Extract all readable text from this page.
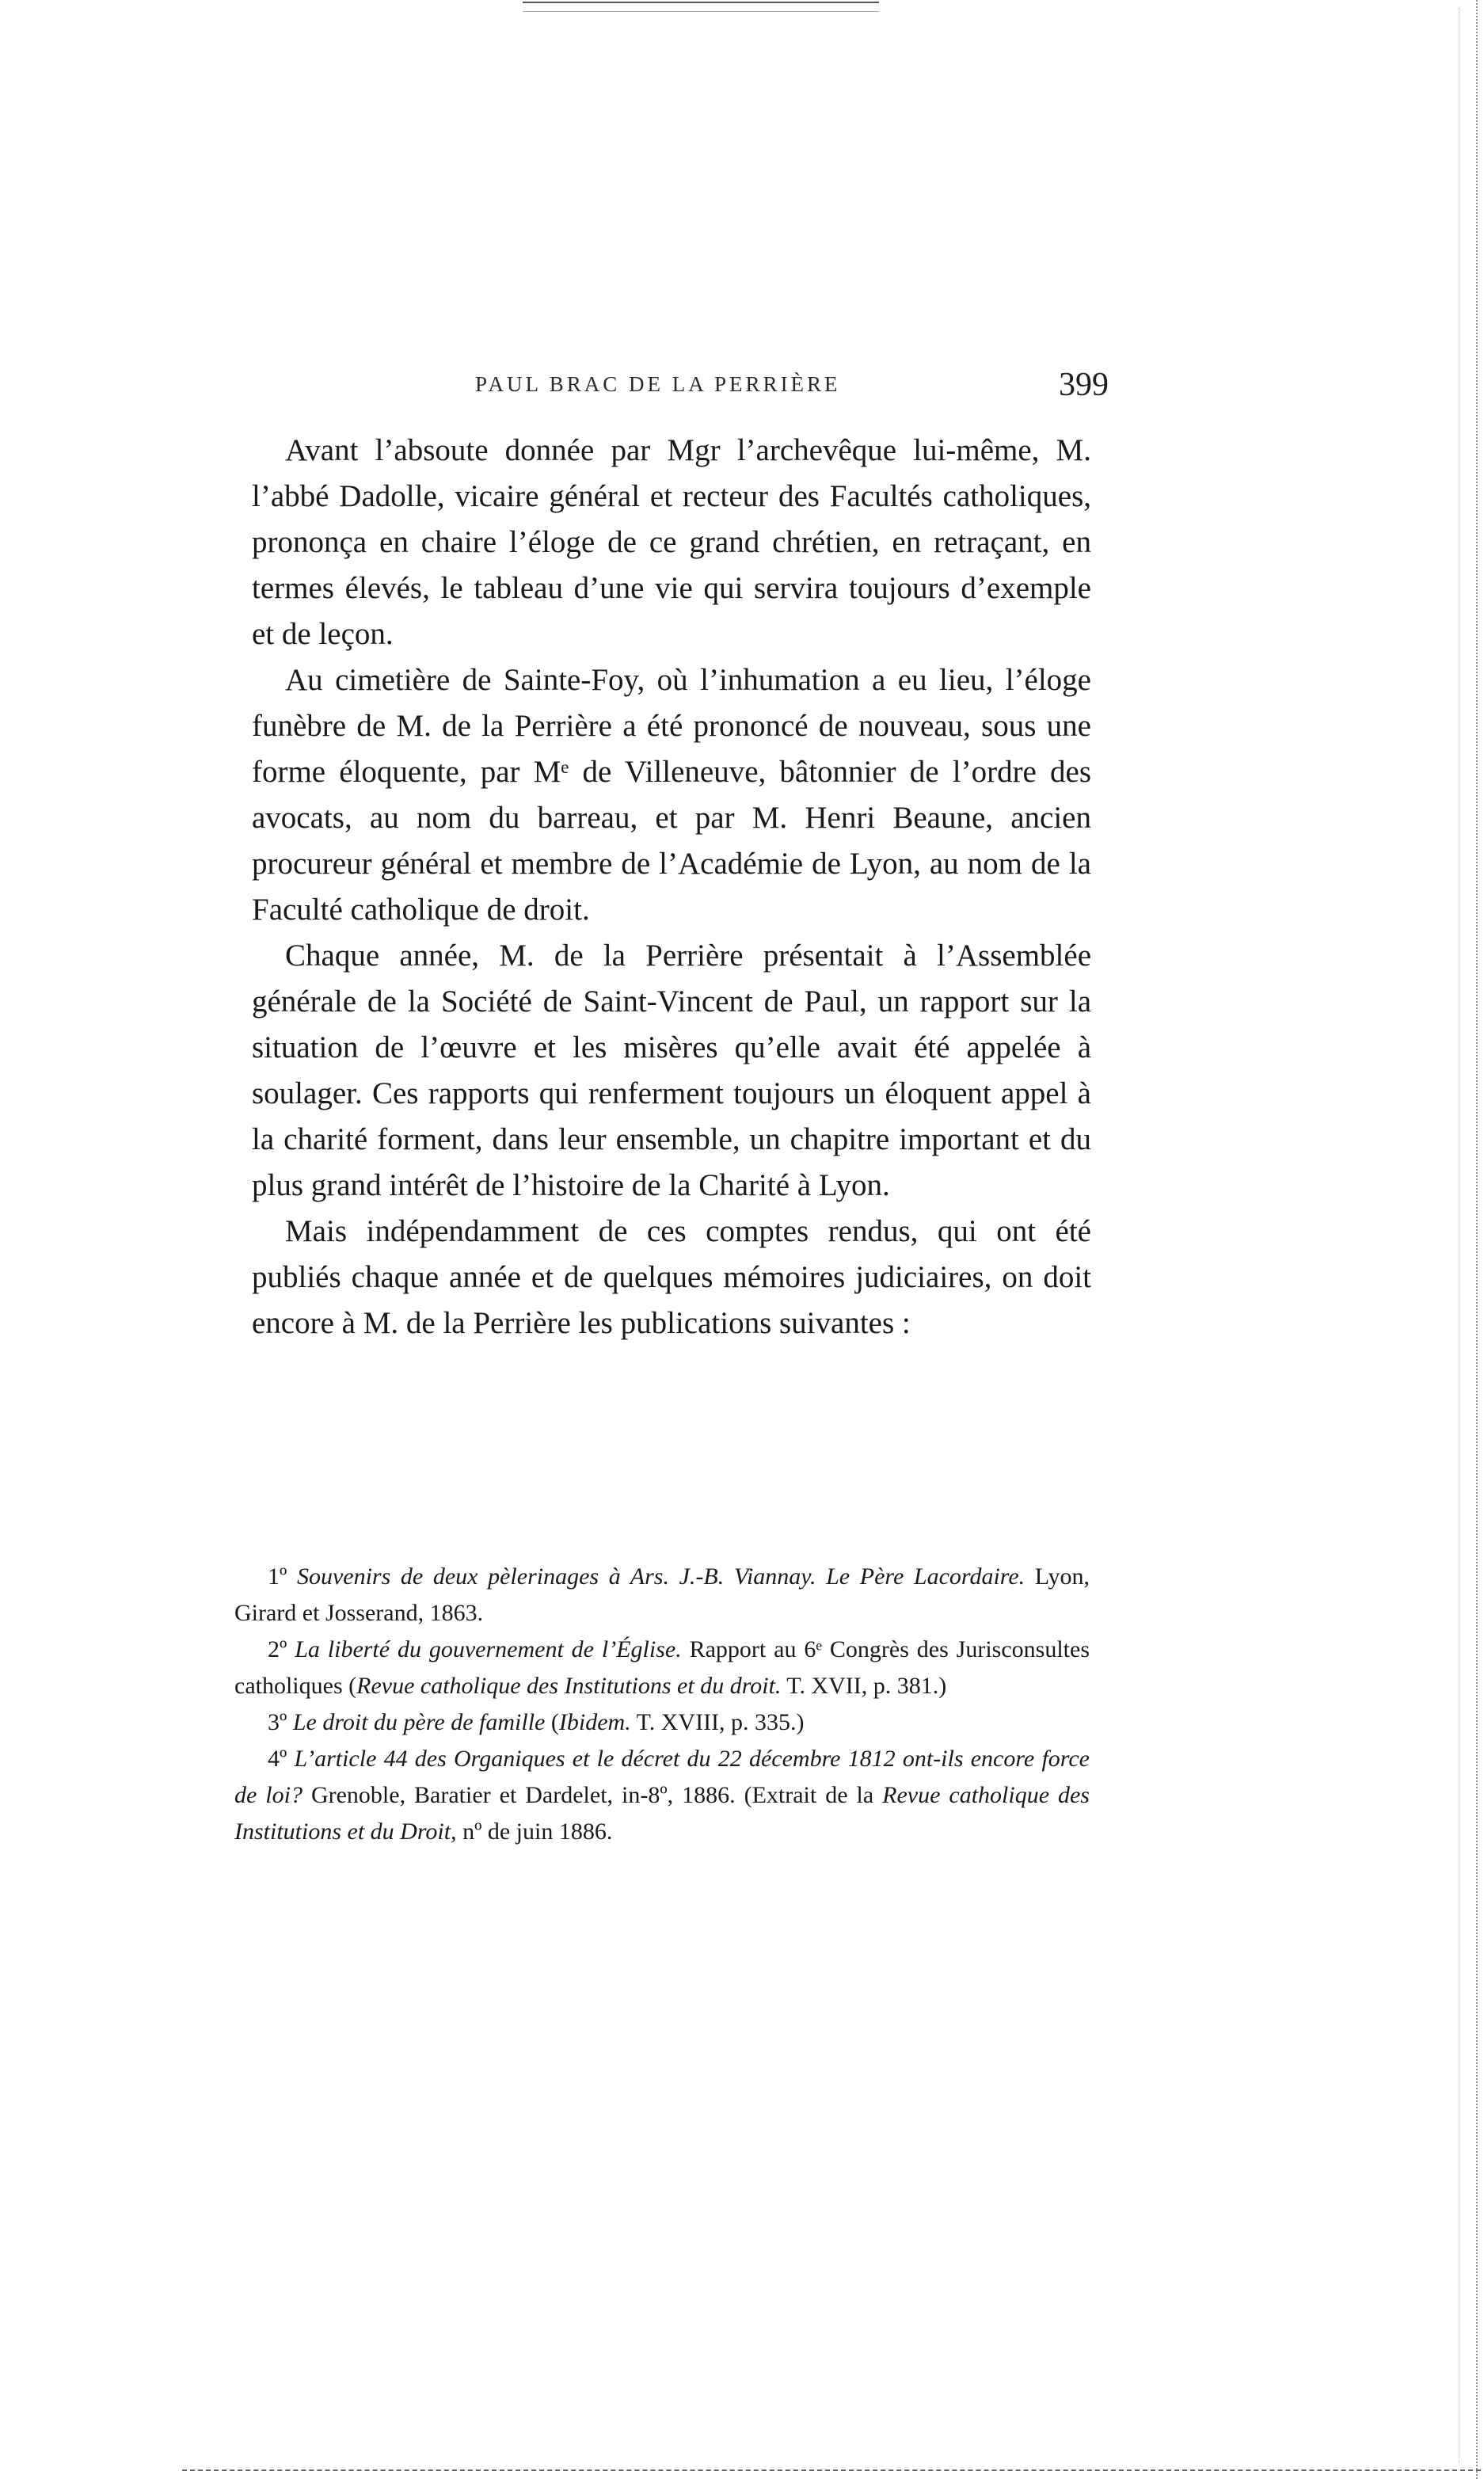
PAUL BRAC DE LA PERRIÈRE	399

Avant l’absoute donnée par Mgr l’archevêque lui-même, M. l’abbé Dadolle, vicaire général et recteur des Facultés catholiques, prononça en chaire l’éloge de ce grand chrétien, en retraçant, en termes élevés, le tableau d’une vie qui servira toujours d’exemple et de leçon.

Au cimetière de Sainte-Foy, où l’inhumation a eu lieu, l’éloge funèbre de M. de la Perrière a été prononcé de nouveau, sous une forme éloquente, par Mᵉ de Villeneuve, bâtonnier de l’ordre des avocats, au nom du barreau, et par M. Henri Beaune, ancien procureur général et membre de l’Académie de Lyon, au nom de la Faculté catholique de droit.

Chaque année, M. de la Perrière présentait à l’Assemblée générale de la Société de Saint-Vincent de Paul, un rapport sur la situation de l’œuvre et les misères qu’elle avait été appelée à soulager. Ces rapports qui renferment toujours un éloquent appel à la charité forment, dans leur ensemble, un chapitre important et du plus grand intérêt de l’histoire de la Charité à Lyon.

Mais indépendamment de ces comptes rendus, qui ont été publiés chaque année et de quelques mémoires judiciaires, on doit encore à M. de la Perrière les publications suivantes :

1º Souvenirs de deux pèlerinages à Ars. J.-B. Viannay. Le Père Lacordaire. Lyon, Girard et Josserand, 1863.

2º La liberté du gouvernement de l’Église. Rapport au 6ᵉ Congrès des Jurisconsultes catholiques (Revue catholique des Institutions et du droit. T. XVII, p. 381.)

3º Le droit du père de famille (Ibidem. T. XVIII, p. 335.)

4º L’article 44 des Organiques et le décret du 22 décembre 1812 ont-ils encore force de loi? Grenoble, Baratier et Dardelet, in-8º, 1886. (Extrait de la Revue catholique des Institutions et du Droit, nº de juin 1886.
